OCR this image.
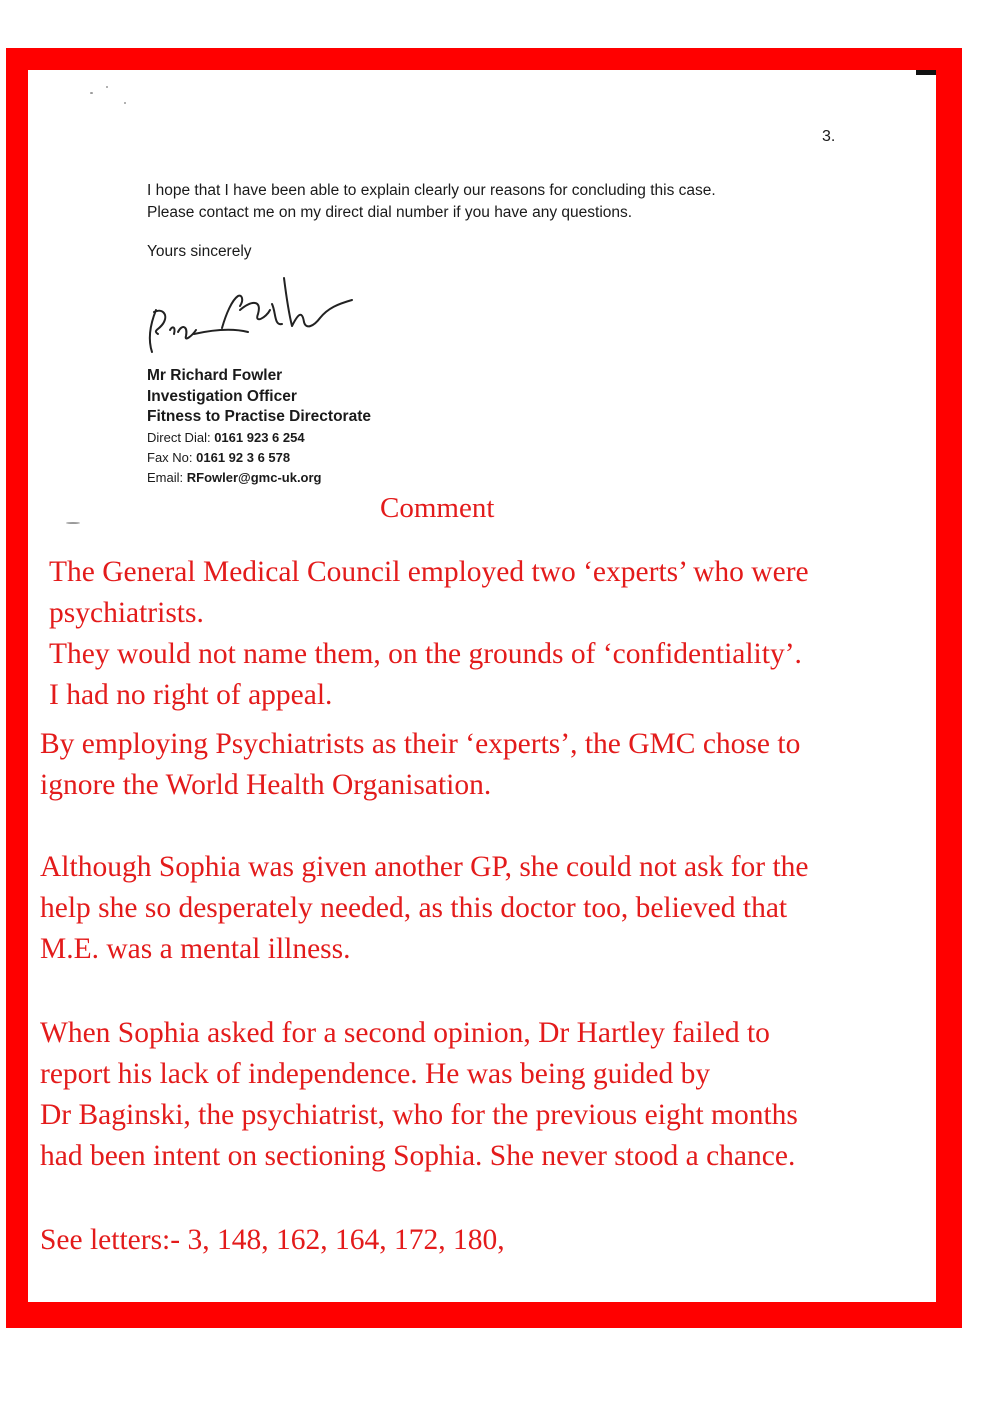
3.
I hope that I have been able to explain clearly our reasons for concluding this case.
Please contact me on my direct dial number if you have any questions.
Yours sincerely
Mr Richard Fowler
Investigation Officer
Fitness to Practise Directorate
Direct Dial: 0161 923 6 254
Fax No: 0161 92 3 6 578
Email: RFowler@gmc-uk.org
Comment
The General Medical Council employed two ‘experts’ who were
psychiatrists.
They would not name them, on the grounds of ‘confidentiality’.
I had no right of appeal.
By employing Psychiatrists as their ‘experts’, the GMC chose to
ignore the World Health Organisation.
Although Sophia was given another GP, she could not ask for the
help she so desperately needed, as this doctor too, believed that
M.E. was a mental illness.
When Sophia asked for a second opinion, Dr Hartley failed to
report his lack of independence. He was being guided by
Dr Baginski, the psychiatrist, who for the previous eight months
had been intent on sectioning Sophia. She never stood a chance.
See letters:- 3, 148, 162, 164, 172, 180,
